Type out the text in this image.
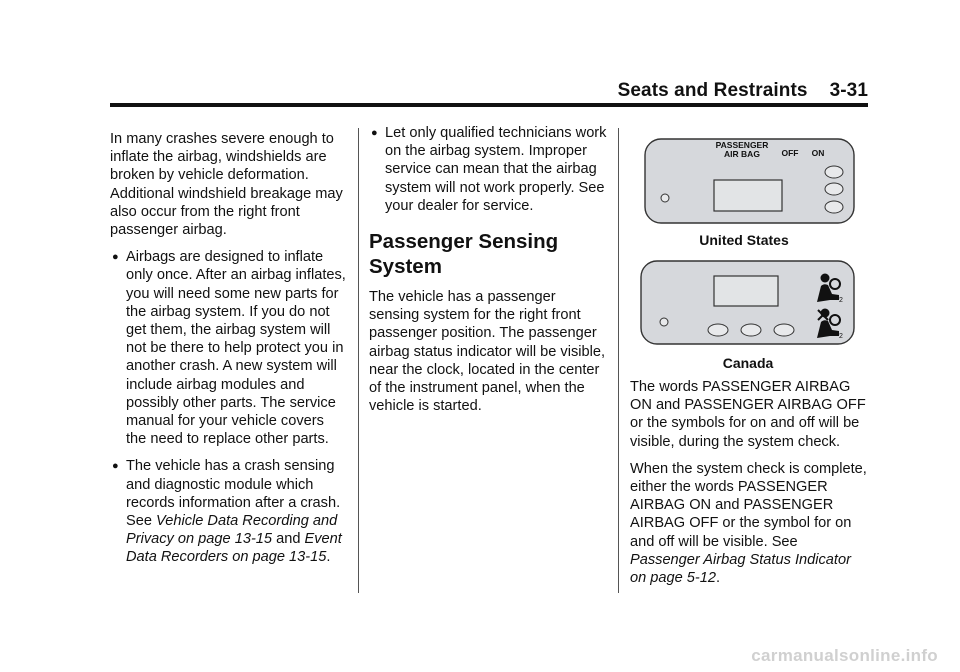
Seats and Restraints 3-31

In many crashes severe enough to inflate the airbag, windshields are broken by vehicle deformation. Additional windshield breakage may also occur from the right front passenger airbag.

● Airbags are designed to inflate only once. After an airbag inflates, you will need some new parts for the airbag system. If you do not get them, the airbag system will not be there to help protect you in another crash. A new system will include airbag modules and possibly other parts. The service manual for your vehicle covers the need to replace other parts.

● The vehicle has a crash sensing and diagnostic module which records information after a crash. See Vehicle Data Recording and Privacy on page 13-15 and Event Data Recorders on page 13-15.

● Let only qualified technicians work on the airbag system. Improper service can mean that the airbag system will not work properly. See your dealer for service.

Passenger Sensing System

The vehicle has a passenger sensing system for the right front passenger position. The passenger airbag status indicator will be visible, near the clock, located in the center of the instrument panel, when the vehicle is started.

PASSENGER
AIR BAG	OFF ON
United States
2
2
Canada

The words PASSENGER AIRBAG ON and PASSENGER AIRBAG OFF or the symbols for on and off will be visible, during the system check.

When the system check is complete, either the words PASSENGER AIRBAG ON and PASSENGER AIRBAG OFF or the symbol for on and off will be visible. See Passenger Airbag Status Indicator on page 5-12.

carmanualsonline.info
